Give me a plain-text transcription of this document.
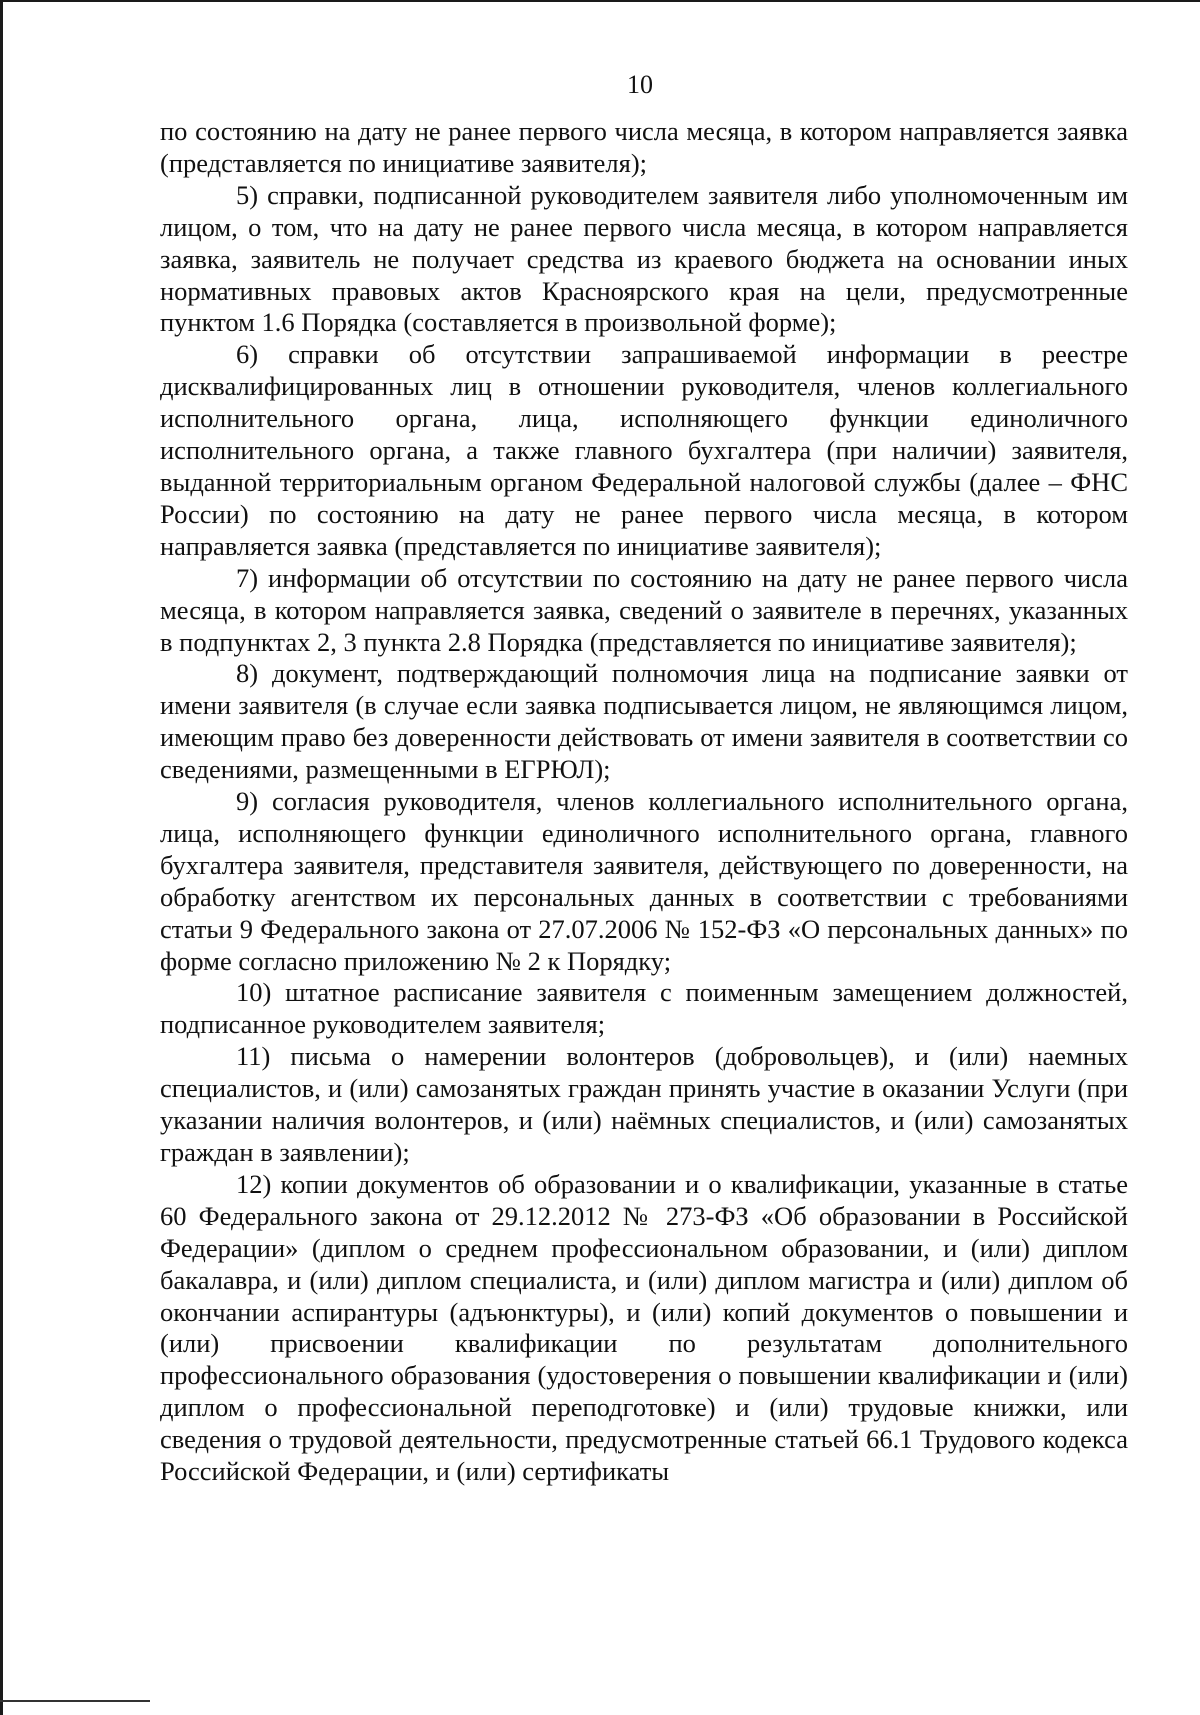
10

по состоянию на дату не ранее первого числа месяца, в котором направляется заявка (представляется по инициативе заявителя);

5) справки, подписанной руководителем заявителя либо уполномоченным им лицом, о том, что на дату не ранее первого числа месяца, в котором направляется заявка, заявитель не получает средства из краевого бюджета на основании иных нормативных правовых актов Красноярского края на цели, предусмотренные пунктом 1.6 Порядка (составляется в произвольной форме);

6) справки об отсутствии запрашиваемой информации в реестре дисквалифицированных лиц в отношении руководителя, членов коллегиального исполнительного органа, лица, исполняющего функции единоличного исполнительного органа, а также главного бухгалтера (при наличии) заявителя, выданной территориальным органом Федеральной налоговой службы (далее – ФНС России) по состоянию на дату не ранее первого числа месяца, в котором направляется заявка (представляется по инициативе заявителя);

7) информации об отсутствии по состоянию на дату не ранее первого числа месяца, в котором направляется заявка, сведений о заявителе в перечнях, указанных в подпунктах 2, 3 пункта 2.8 Порядка (представляется по инициативе заявителя);

8) документ, подтверждающий полномочия лица на подписание заявки от имени заявителя (в случае если заявка подписывается лицом, не являющимся лицом, имеющим право без доверенности действовать от имени заявителя в соответствии со сведениями, размещенными в ЕГРЮЛ);

9) согласия руководителя, членов коллегиального исполнительного органа, лица, исполняющего функции единоличного исполнительного органа, главного бухгалтера заявителя, представителя заявителя, действующего по доверенности, на обработку агентством их персональных данных в соответствии с требованиями статьи 9 Федерального закона от 27.07.2006 № 152-ФЗ «О персональных данных» по форме согласно приложению № 2 к Порядку;

10) штатное расписание заявителя с поименным замещением должностей, подписанное руководителем заявителя;

11) письма о намерении волонтеров (добровольцев), и (или) наемных специалистов, и (или) самозанятых граждан принять участие в оказании Услуги (при указании наличия волонтеров, и (или) наёмных специалистов, и (или) самозанятых граждан в заявлении);

12) копии документов об образовании и о квалификации, указанные в статье 60 Федерального закона от 29.12.2012 № 273-ФЗ «Об образовании в Российской Федерации» (диплом о среднем профессиональном образовании, и (или) диплом бакалавра, и (или) диплом специалиста, и (или) диплом магистра и (или) диплом об окончании аспирантуры (адъюнктуры), и (или) копий документов о повышении и (или) присвоении квалификации по результатам дополнительного профессионального образования (удостоверения о повышении квалификации и (или) диплом о профессиональной переподготовке) и (или) трудовые книжки, или сведения о трудовой деятельности, предусмотренные статьей 66.1 Трудового кодекса Российской Федерации, и (или) сертификаты
